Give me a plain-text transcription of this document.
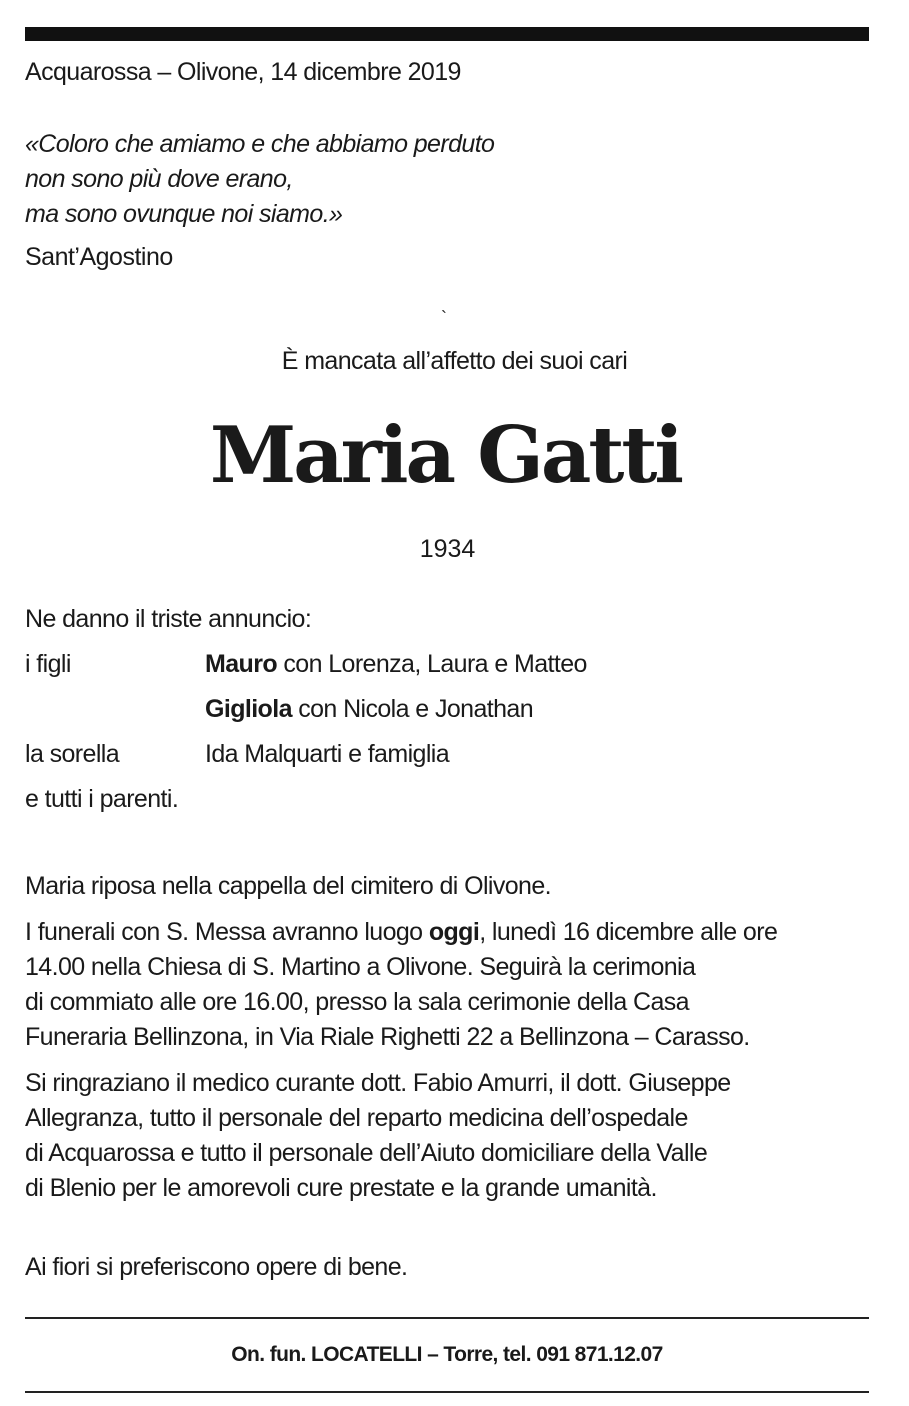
Acquarossa – Olivone, 14 dicembre 2019
«Coloro che amiamo e che abbiamo perduto
non sono più dove erano,
ma sono ovunque noi siamo.»
Sant’Agostino
`
È mancata all’affetto dei suoi cari
Maria Gatti
1934
Ne danno il triste annuncio:
i figli	Mauro con Lorenza, Laura e Matteo
Gigliola con Nicola e Jonathan
la sorella	Ida Malquarti e famiglia
e tutti i parenti.
Maria riposa nella cappella del cimitero di Olivone.
I funerali con S. Messa avranno luogo oggi, lunedì 16 dicembre alle ore
14.00 nella Chiesa di S. Martino a Olivone. Seguirà la cerimonia
di commiato alle ore 16.00, presso la sala cerimonie della Casa
Funeraria Bellinzona, in Via Riale Righetti 22 a Bellinzona – Carasso.
Si ringraziano il medico curante dott. Fabio Amurri, il dott. Giuseppe
Allegranza, tutto il personale del reparto medicina dell’ospedale
di Acquarossa e tutto il personale dell’Aiuto domiciliare della Valle
di Blenio per le amorevoli cure prestate e la grande umanità.
Ai fiori si preferiscono opere di bene.
On. fun. LOCATELLI – Torre, tel. 091 871.12.07
